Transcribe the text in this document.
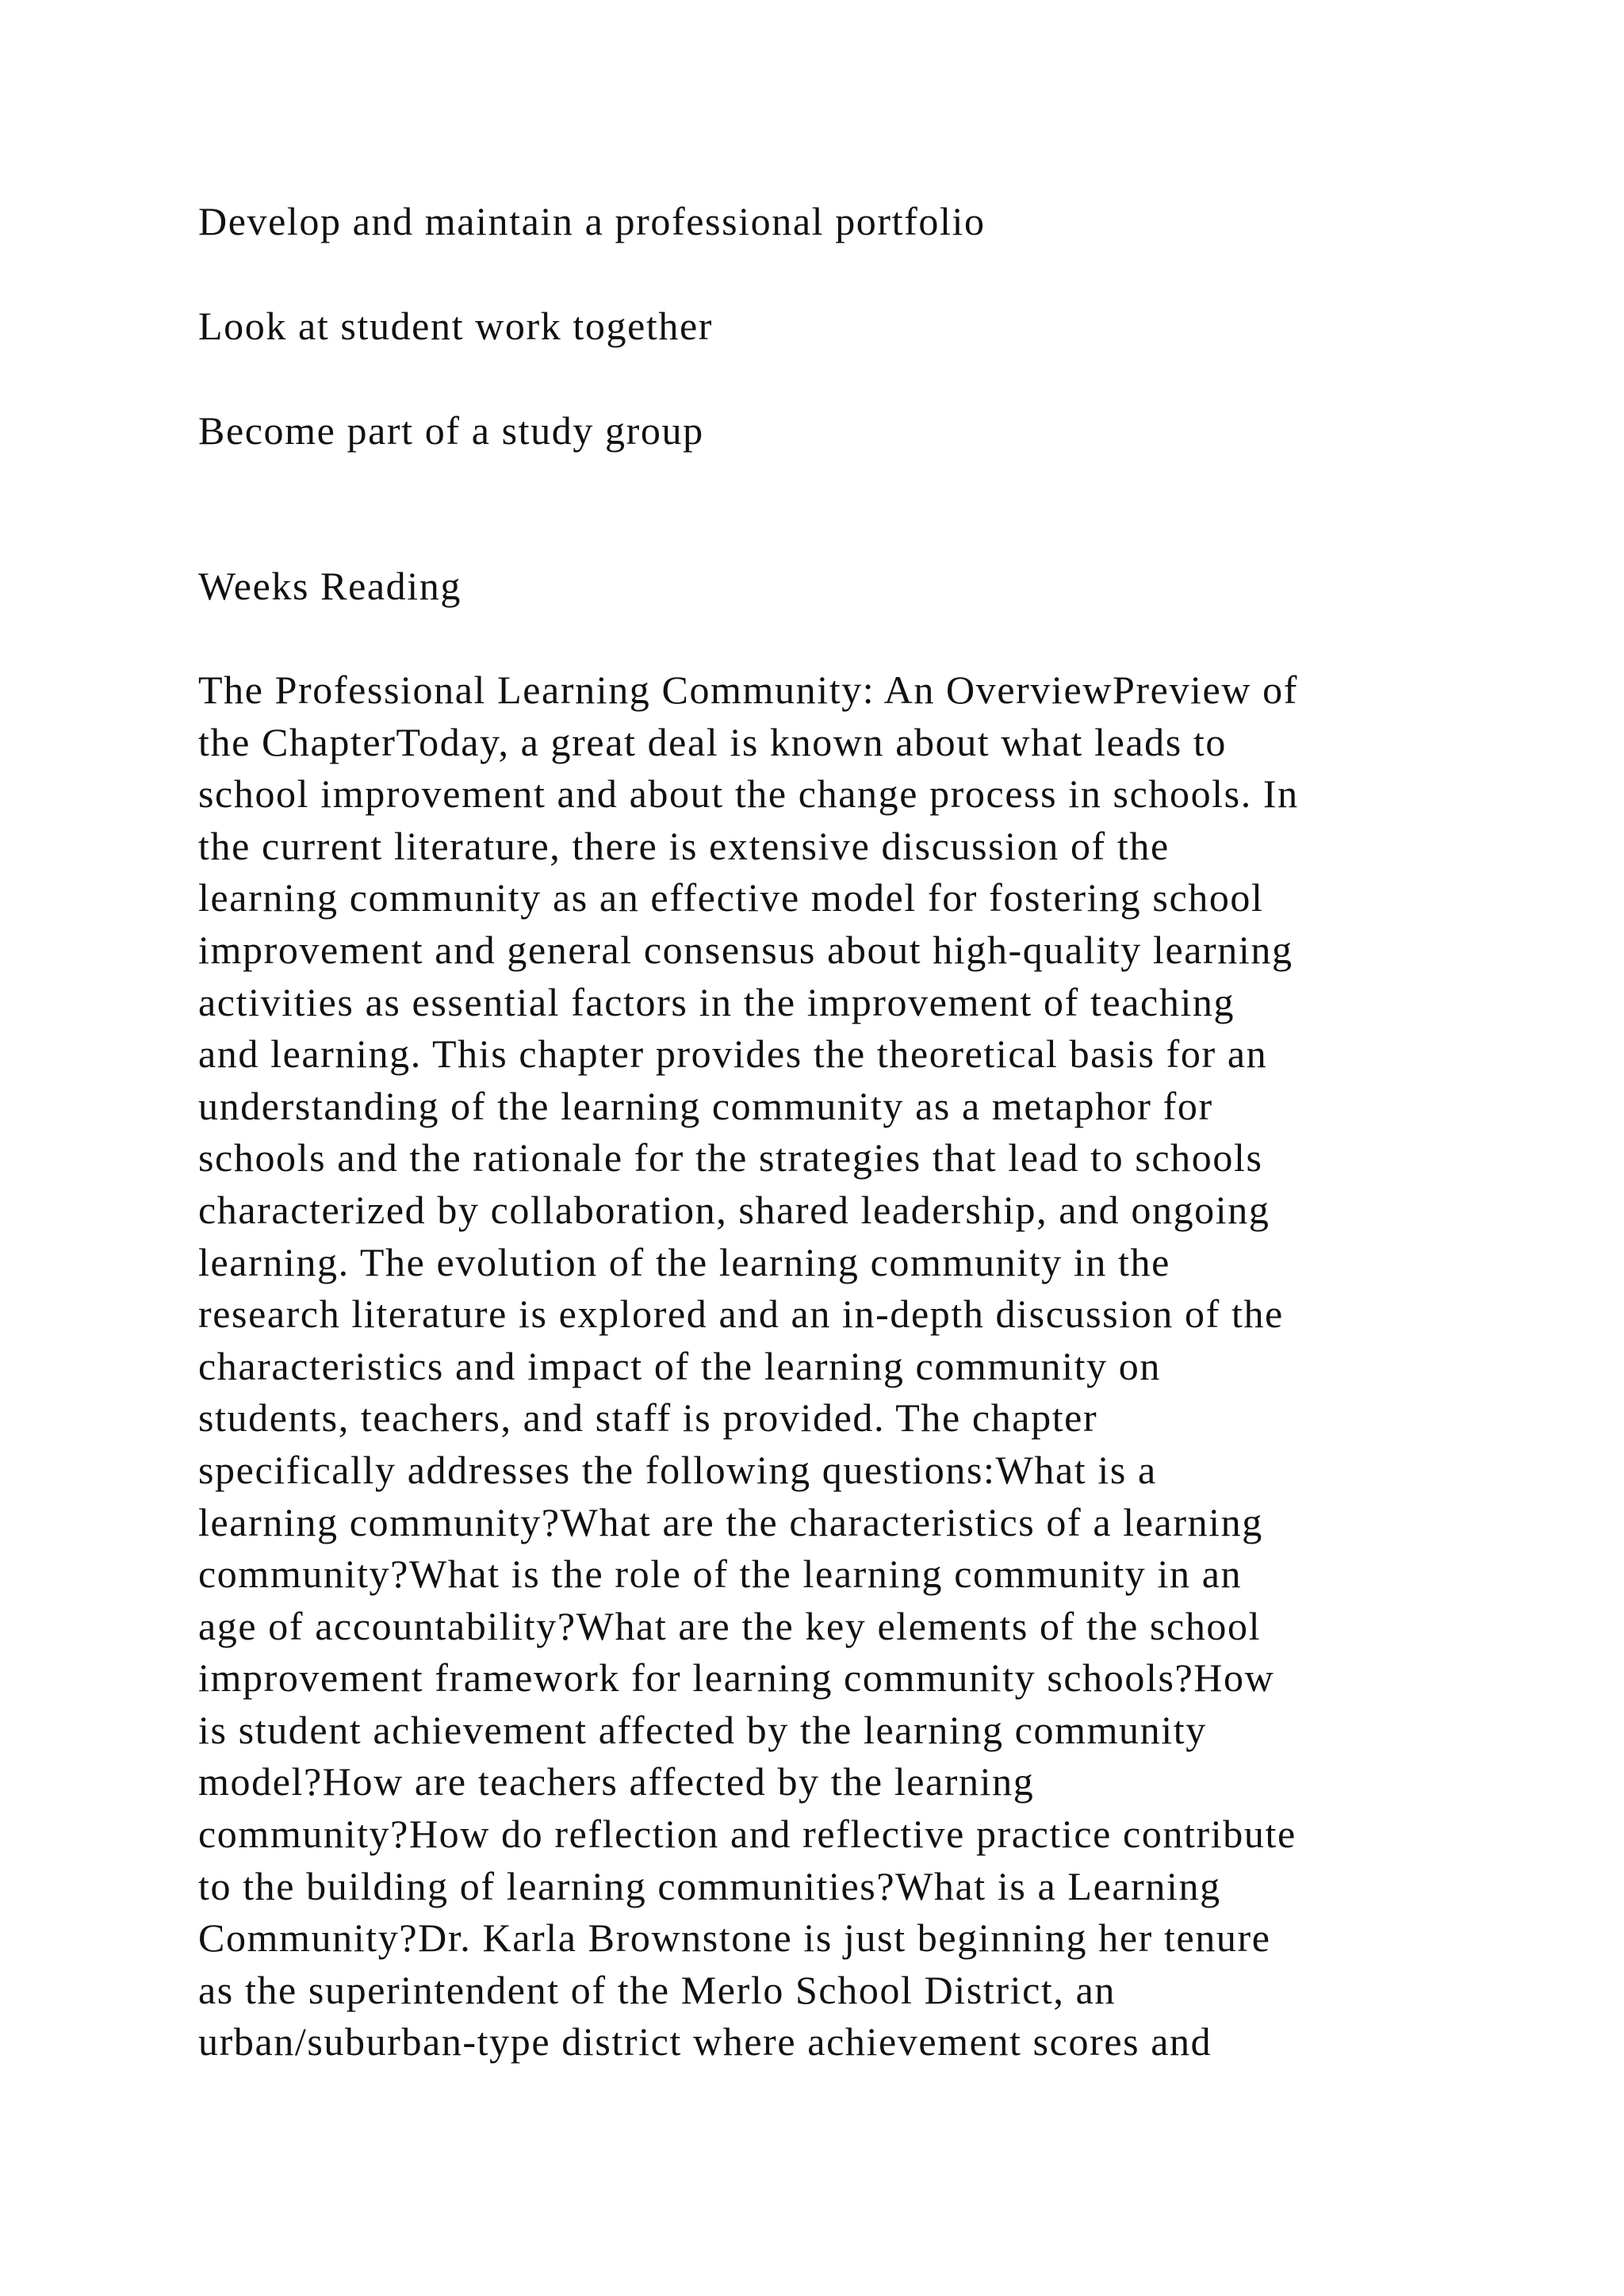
Develop and maintain a professional portfolio

Look at student work together

Become part of a study group

Weeks Reading

The Professional Learning Community: An OverviewPreview of
the ChapterToday, a great deal is known about what leads to
school improvement and about the change process in schools. In
the current literature, there is extensive discussion of the
learning community as an effective model for fostering school
improvement and general consensus about high-quality learning
activities as essential factors in the improvement of teaching
and learning. This chapter provides the theoretical basis for an
understanding of the learning community as a metaphor for
schools and the rationale for the strategies that lead to schools
characterized by collaboration, shared leadership, and ongoing
learning. The evolution of the learning community in the
research literature is explored and an in-depth discussion of the
characteristics and impact of the learning community on
students, teachers, and staff is provided. The chapter
specifically addresses the following questions:What is a
learning community?What are the characteristics of a learning
community?What is the role of the learning community in an
age of accountability?What are the key elements of the school
improvement framework for learning community schools?How
is student achievement affected by the learning community
model?How are teachers affected by the learning
community?How do reflection and reflective practice contribute
to the building of learning communities?What is a Learning
Community?Dr. Karla Brownstone is just beginning her tenure
as the superintendent of the Merlo School District, an
urban/suburban-type district where achievement scores and
